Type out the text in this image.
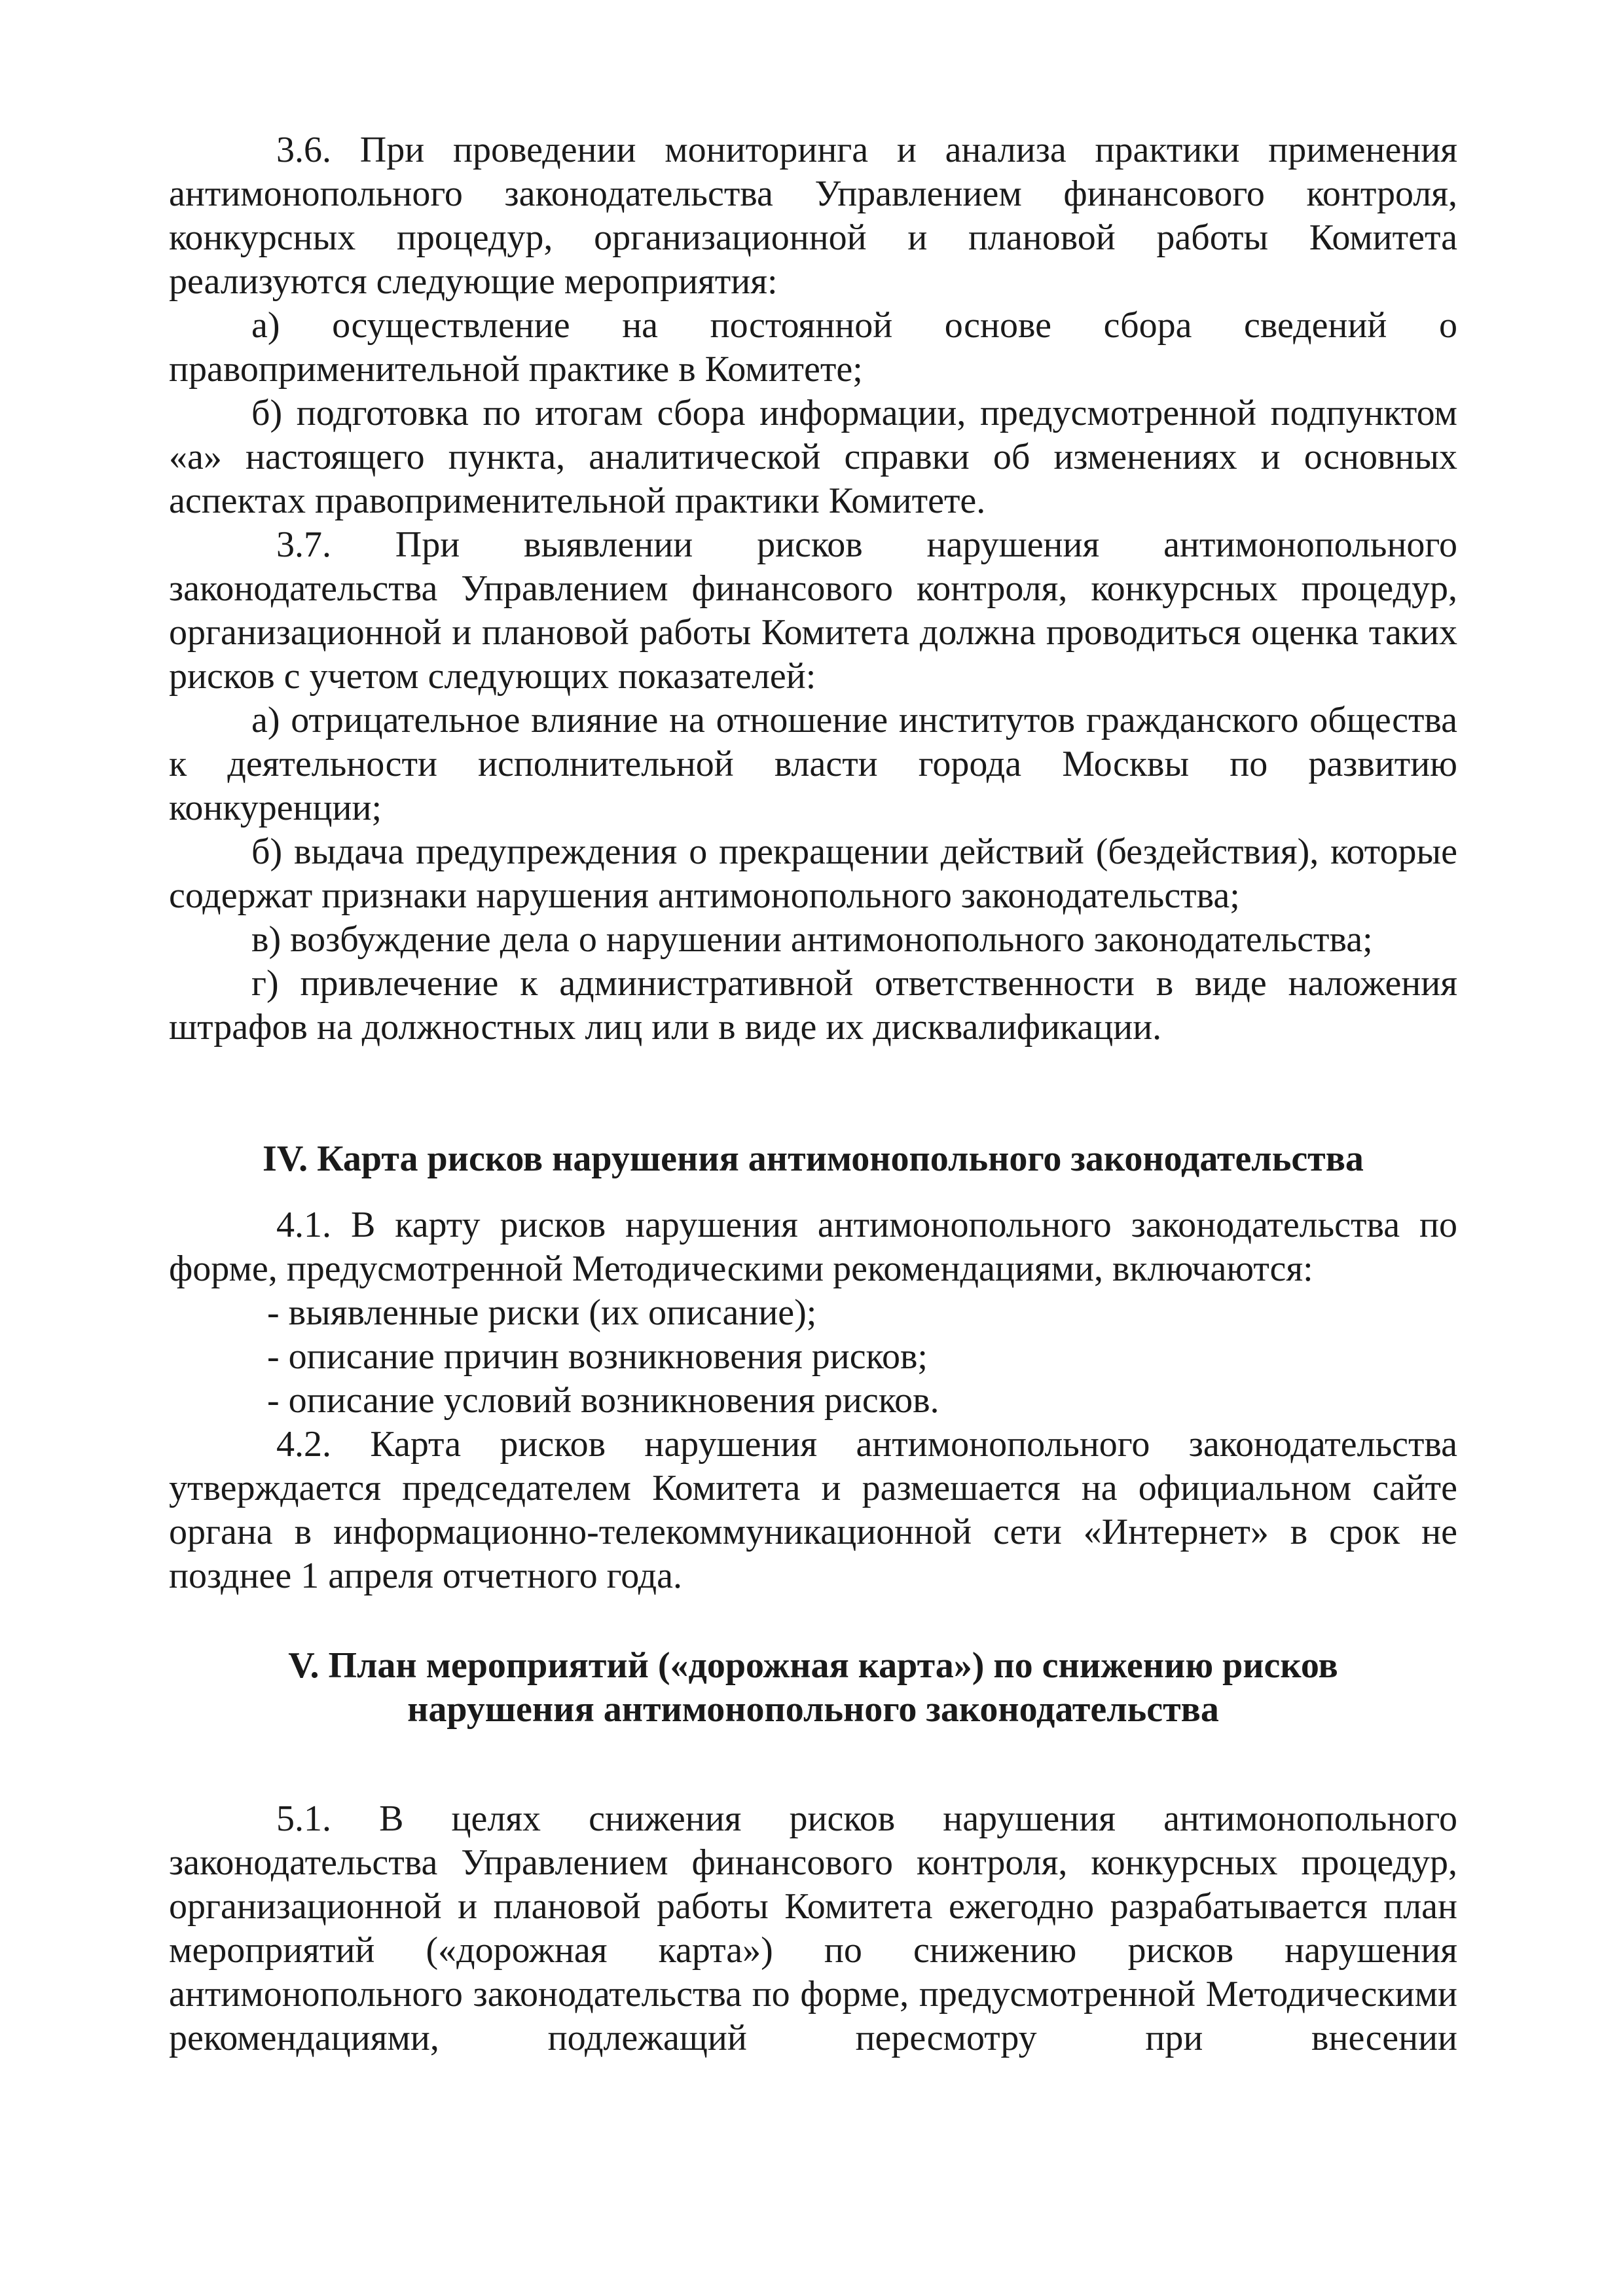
3.6. При проведении мониторинга и анализа практики применения антимонопольного законодательства Управлением финансового контроля, конкурсных процедур, организационной и плановой работы Комитета реализуются следующие мероприятия:

а) осуществление на постоянной основе сбора сведений о правоприменительной практике в Комитете;

б) подготовка по итогам сбора информации, предусмотренной подпунктом «а» настоящего пункта, аналитической справки об изменениях и основных аспектах правоприменительной практики Комитете.

3.7. При выявлении рисков нарушения антимонопольного законодательства Управлением финансового контроля, конкурсных процедур, организационной и плановой работы Комитета должна проводиться оценка таких рисков с учетом следующих показателей:

а) отрицательное влияние на отношение институтов гражданского общества к деятельности исполнительной власти города Москвы по развитию конкуренции;

б) выдача предупреждения о прекращении действий (бездействия), которые содержат признаки нарушения антимонопольного законодательства;

в) возбуждение дела о нарушении антимонопольного законодательства;

г) привлечение к административной ответственности в виде наложения штрафов на должностных лиц или в виде их дисквалификации.

IV. Карта рисков нарушения антимонопольного законодательства

4.1. В карту рисков нарушения антимонопольного законодательства по форме, предусмотренной Методическими рекомендациями, включаются:

- выявленные риски (их описание);

- описание причин возникновения рисков;

- описание условий возникновения рисков.

4.2. Карта рисков нарушения антимонопольного законодательства утверждается председателем Комитета и размешается на официальном сайте органа в информационно-телекоммуникационной сети «Интернет» в срок не позднее 1 апреля отчетного года.

V. План мероприятий («дорожная карта») по снижению рисков
нарушения антимонопольного законодательства

5.1. В целях снижения рисков нарушения антимонопольного законодательства Управлением финансового контроля, конкурсных процедур, организационной и плановой работы Комитета ежегодно разрабатывается план мероприятий («дорожная карта») по снижению рисков нарушения антимонопольного законодательства по форме, предусмотренной Методическими рекомендациями, подлежащий пересмотру при внесении
